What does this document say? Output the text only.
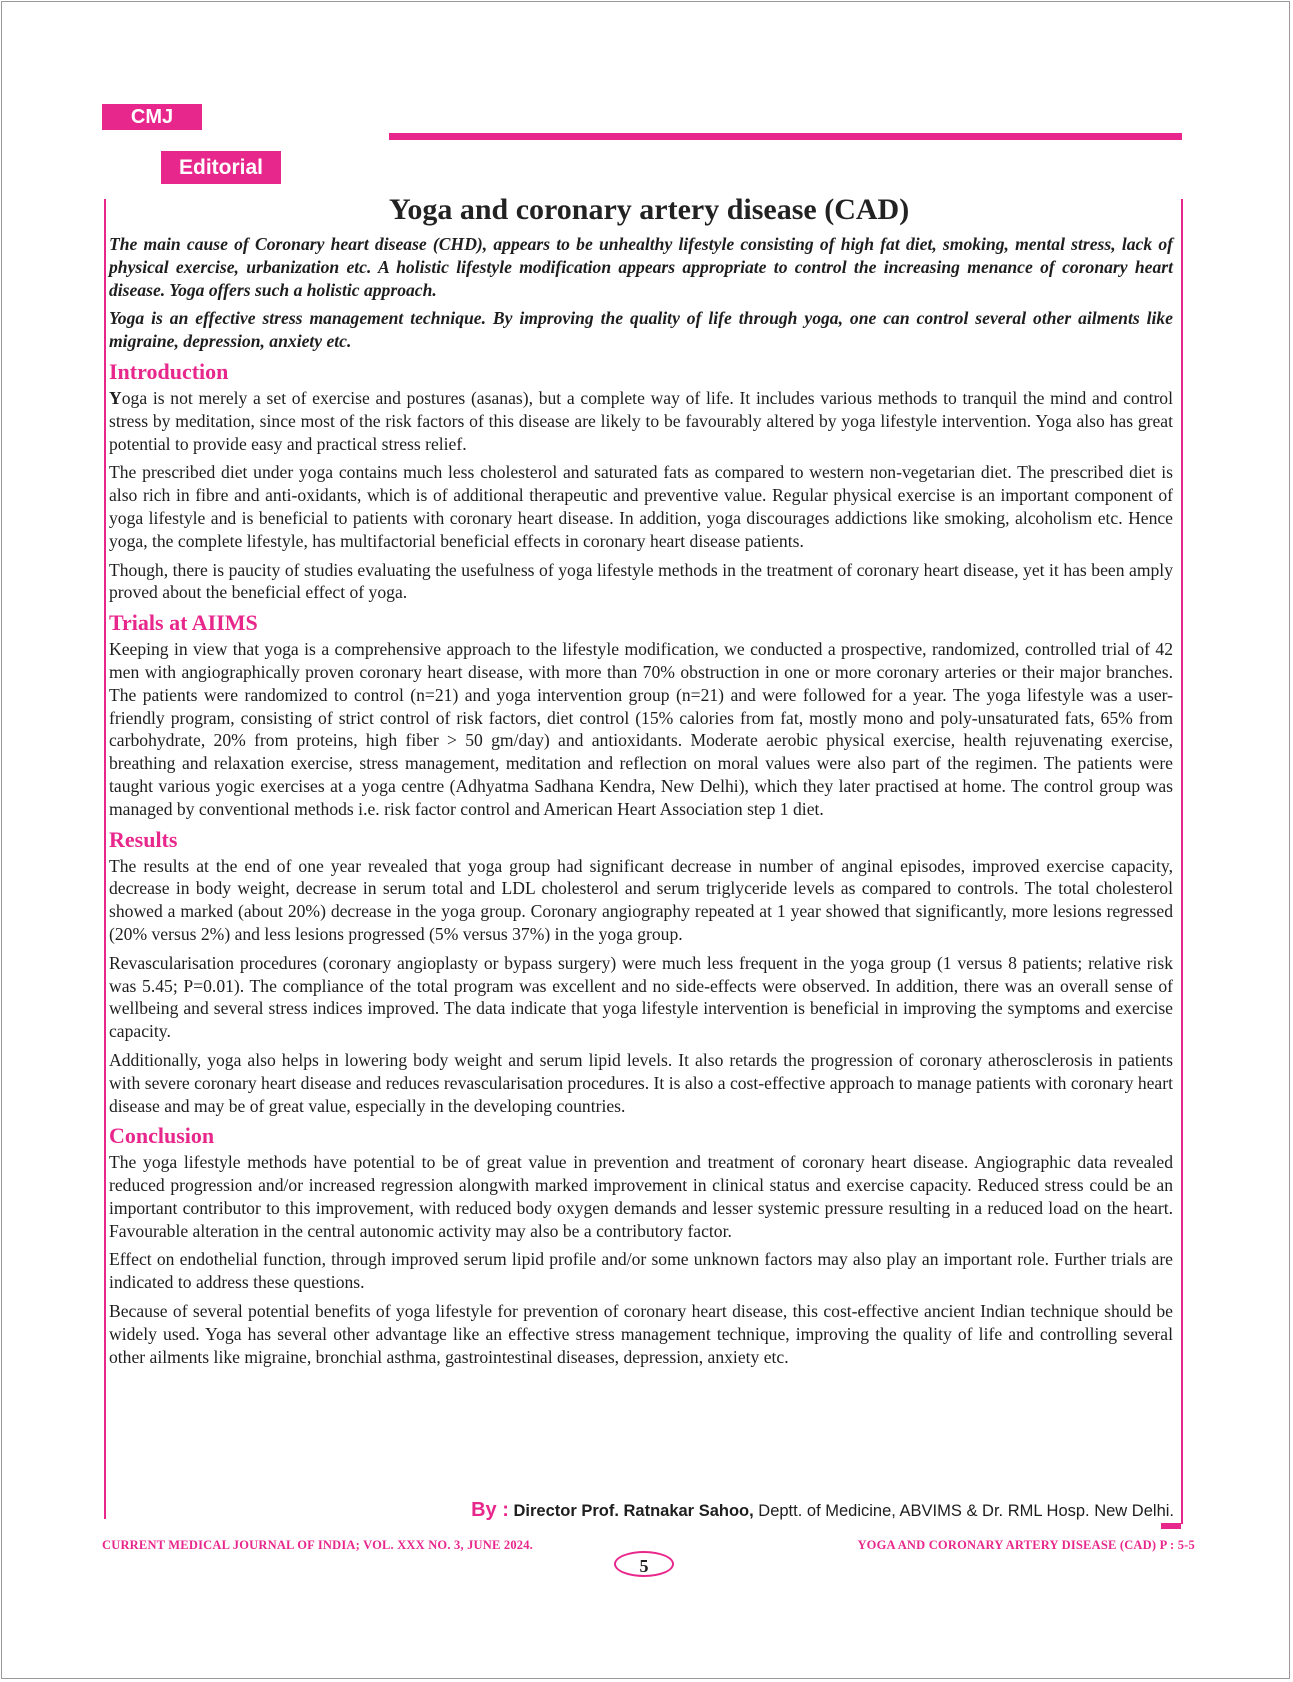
CMJ
Editorial
Yoga and coronary artery disease (CAD)

The main cause of Coronary heart disease (CHD), appears to be unhealthy lifestyle consisting of high fat diet, smoking, mental stress, lack of physical exercise, urbanization etc. A holistic lifestyle modification appears appropriate to control the increasing menance of coronary heart disease. Yoga offers such a holistic approach.

Yoga is an effective stress management technique. By improving the quality of life through yoga, one can control several other ailments like migraine, depression, anxiety etc.

Introduction

Yoga is not merely a set of exercise and postures (asanas), but a complete way of life. It includes various methods to tranquil the mind and control stress by meditation, since most of the risk factors of this disease are likely to be favourably altered by yoga lifestyle intervention. Yoga also has great potential to provide easy and practical stress relief.

The prescribed diet under yoga contains much less cholesterol and saturated fats as compared to western non-vegetarian diet. The prescribed diet is also rich in fibre and anti-oxidants, which is of additional therapeutic and preventive value. Regular physical exercise is an important component of yoga lifestyle and is beneficial to patients with coronary heart disease. In addition, yoga discourages addictions like smoking, alcoholism etc. Hence yoga, the complete lifestyle, has multifactorial beneficial effects in coronary heart disease patients.

Though, there is paucity of studies evaluating the usefulness of yoga lifestyle methods in the treatment of coronary heart disease, yet it has been amply proved about the beneficial effect of yoga.

Trials at AIIMS

Keeping in view that yoga is a comprehensive approach to the lifestyle modification, we conducted a prospective, randomized, controlled trial of 42 men with angiographically proven coronary heart disease, with more than 70% obstruction in one or more coronary arteries or their major branches. The patients were randomized to control (n=21) and yoga intervention group (n=21) and were followed for a year. The yoga lifestyle was a user-friendly program, consisting of strict control of risk factors, diet control (15% calories from fat, mostly mono and poly-unsaturated fats, 65% from carbohydrate, 20% from proteins, high fiber > 50 gm/day) and antioxidants. Moderate aerobic physical exercise, health rejuvenating exercise, breathing and relaxation exercise, stress management, meditation and reflection on moral values were also part of the regimen. The patients were taught various yogic exercises at a yoga centre (Adhyatma Sadhana Kendra, New Delhi), which they later practised at home. The control group was managed by conventional methods i.e. risk factor control and American Heart Association step 1 diet.

Results

The results at the end of one year revealed that yoga group had significant decrease in number of anginal episodes, improved exercise capacity, decrease in body weight, decrease in serum total and LDL cholesterol and serum triglyceride levels as compared to controls. The total cholesterol showed a marked (about 20%) decrease in the yoga group. Coronary angiography repeated at 1 year showed that significantly, more lesions regressed (20% versus 2%) and less lesions progressed (5% versus 37%) in the yoga group.

Revascularisation procedures (coronary angioplasty or bypass surgery) were much less frequent in the yoga group (1 versus 8 patients; relative risk was 5.45; P=0.01). The compliance of the total program was excellent and no side-effects were observed. In addition, there was an overall sense of wellbeing and several stress indices improved. The data indicate that yoga lifestyle intervention is beneficial in improving the symptoms and exercise capacity.

Additionally, yoga also helps in lowering body weight and serum lipid levels. It also retards the progression of coronary atherosclerosis in patients with severe coronary heart disease and reduces revascularisation procedures. It is also a cost-effective approach to manage patients with coronary heart disease and may be of great value, especially in the developing countries.

Conclusion

The yoga lifestyle methods have potential to be of great value in prevention and treatment of coronary heart disease. Angiographic data revealed reduced progression and/or increased regression alongwith marked improvement in clinical status and exercise capacity. Reduced stress could be an important contributor to this improvement, with reduced body oxygen demands and lesser systemic pressure resulting in a reduced load on the heart. Favourable alteration in the central autonomic activity may also be a contributory factor.

Effect on endothelial function, through improved serum lipid profile and/or some unknown factors may also play an important role. Further trials are indicated to address these questions.

Because of several potential benefits of yoga lifestyle for prevention of coronary heart disease, this cost-effective ancient Indian technique should be widely used. Yoga has several other advantage like an effective stress management technique, improving the quality of life and controlling several other ailments like migraine, bronchial asthma, gastrointestinal diseases, depression, anxiety etc.

By : Director Prof. Ratnakar Sahoo, Deptt. of Medicine, ABVIMS & Dr. RML Hosp. New Delhi.
CURRENT MEDICAL JOURNAL OF INDIA; VOL. XXX NO. 3, JUNE 2024.	YOGA AND CORONARY ARTERY DISEASE (CAD) P : 5-5
5
